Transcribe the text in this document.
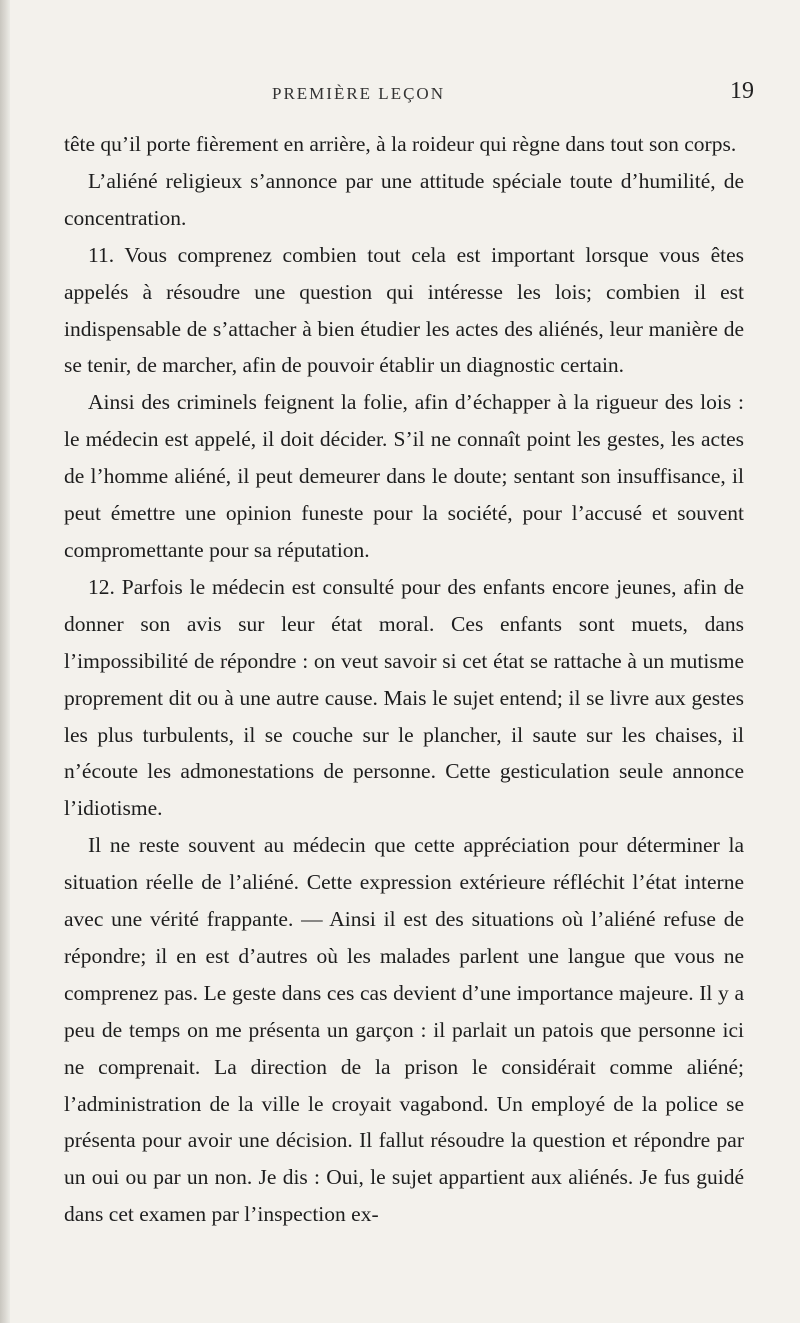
PREMIÈRE LEÇON	19

tête qu’il porte fièrement en arrière, à la roideur qui règne dans tout son corps.

L’aliéné religieux s’annonce par une attitude spéciale toute d’humilité, de concentration.

11. Vous comprenez combien tout cela est important lorsque vous êtes appelés à résoudre une question qui intéresse les lois; combien il est indispensable de s’attacher à bien étudier les actes des aliénés, leur manière de se tenir, de marcher, afin de pouvoir établir un diagnostic certain.

Ainsi des criminels feignent la folie, afin d’échapper à la rigueur des lois : le médecin est appelé, il doit décider. S’il ne connaît point les gestes, les actes de l’homme aliéné, il peut demeurer dans le doute; sentant son insuffisance, il peut émettre une opinion funeste pour la société, pour l’accusé et souvent compromettante pour sa réputation.

12. Parfois le médecin est consulté pour des enfants encore jeunes, afin de donner son avis sur leur état moral. Ces enfants sont muets, dans l’impossibilité de répondre : on veut savoir si cet état se rattache à un mutisme proprement dit ou à une autre cause. Mais le sujet entend; il se livre aux gestes les plus turbulents, il se couche sur le plancher, il saute sur les chaises, il n’écoute les admonestations de personne. Cette gesticulation seule annonce l’idiotisme.

Il ne reste souvent au médecin que cette appréciation pour déterminer la situation réelle de l’aliéné. Cette expression extérieure réfléchit l’état interne avec une vérité frappante. — Ainsi il est des situations où l’aliéné refuse de répondre; il en est d’autres où les malades parlent une langue que vous ne comprenez pas. Le geste dans ces cas devient d’une importance majeure. Il y a peu de temps on me présenta un garçon : il parlait un patois que personne ici ne comprenait. La direction de la prison le considérait comme aliéné; l’administration de la ville le croyait vagabond. Un employé de la police se présenta pour avoir une décision. Il fallut résoudre la question et répondre par un oui ou par un non. Je dis : Oui, le sujet appartient aux aliénés. Je fus guidé dans cet examen par l’inspection ex-
